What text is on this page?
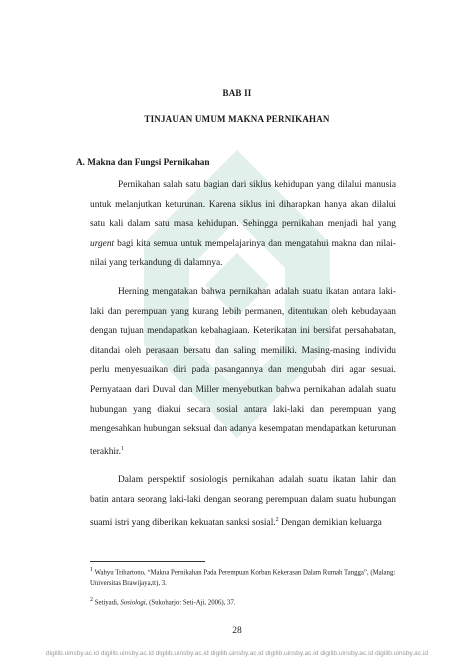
BAB II
TINJAUAN UMUM MAKNA PERNIKAHAN
A. Makna dan Fungsi Pernikahan

Pernikahan salah satu bagian dari siklus kehidupan yang dilalui manusia untuk melanjutkan keturunan. Karena siklus ini diharapkan hanya akan dilalui satu kali dalam satu masa kehidupan. Sehingga pernikahan menjadi hal yang urgent bagi kita semua untuk mempelajarinya dan mengatahui makna dan nilai-nilai yang terkandung di dalamnya.

Herning mengatakan bahwa pernikahan adalah suatu ikatan antara laki-laki dan perempuan yang kurang lebih permanen, ditentukan oleh kebudayaan dengan tujuan mendapatkan kebahagiaan. Keterikatan ini bersifat persahabatan, ditandai oleh perasaan bersatu dan saling memiliki. Masing-masing individu perlu menyesuaikan diri pada pasangannya dan mengubah diri agar sesuai. Pernyataan dari Duval dan Miller menyebutkan bahwa pernikahan adalah suatu hubungan yang diakui secara sosial antara laki-laki dan perempuan yang mengesahkan hubungan seksual dan adanya kesempatan mendapatkan keturunan terakhir.$^1$

Dalam perspektif sosiologis pernikahan adalah suatu ikatan lahir dan batin antara seorang laki-laki dengan seorang perempuan dalam suatu hubungan suami istri yang diberikan kekuatan sanksi sosial.$^2$ Dengan demikian keluarga

$^1$ Wahyu Trihartono, “Makna Pernikahan Pada Perempuan Korban Kekerasan Dalam Rumah Tangga”, (Malang: Universitas Brawijaya,tt), 3.
$^2$ Setiyadi, Sosiologi, (Sukoharjo: Seti-Aji, 2006), 37.
28
digilib.uinsby.ac.id digilib.uinsby.ac.id digilib.uinsby.ac.id digilib.uinsby.ac.id digilib.uinsby.ac.id digilib.uinsby.ac.id digilib.uinsby.ac.id
